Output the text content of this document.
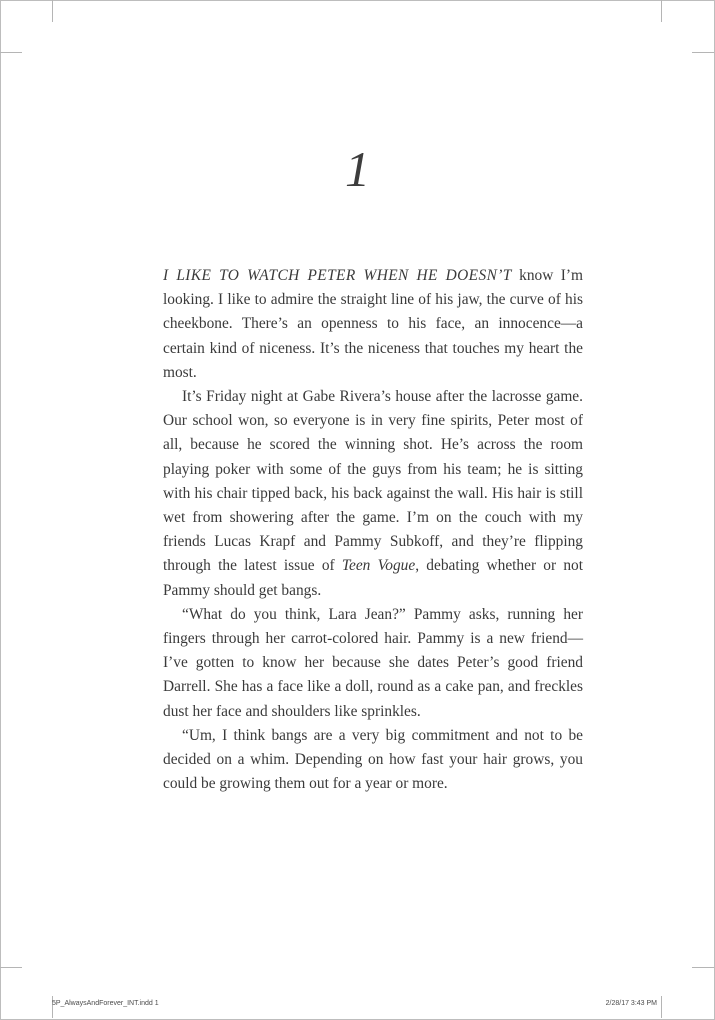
1

I LIKE TO WATCH PETER WHEN HE DOESN’T know I’m looking. I like to admire the straight line of his jaw, the curve of his cheekbone. There’s an openness to his face, an innocence—a certain kind of niceness. It’s the niceness that touches my heart the most.

It’s Friday night at Gabe Rivera’s house after the lacrosse game. Our school won, so everyone is in very fine spirits, Peter most of all, because he scored the winning shot. He’s across the room playing poker with some of the guys from his team; he is sitting with his chair tipped back, his back against the wall. His hair is still wet from showering after the game. I’m on the couch with my friends Lucas Krapf and Pammy Subkoff, and they’re flipping through the latest issue of Teen Vogue, debating whether or not Pammy should get bangs.

“What do you think, Lara Jean?” Pammy asks, running her fingers through her carrot-colored hair. Pammy is a new friend—I’ve gotten to know her because she dates Peter’s good friend Darrell. She has a face like a doll, round as a cake pan, and freckles dust her face and shoulders like sprinkles.

“Um, I think bangs are a very big commitment and not to be decided on a whim. Depending on how fast your hair grows, you could be growing them out for a year or more.

5P_AlwaysAndForever_INT.indd 1	2/28/17 3:43 PM
